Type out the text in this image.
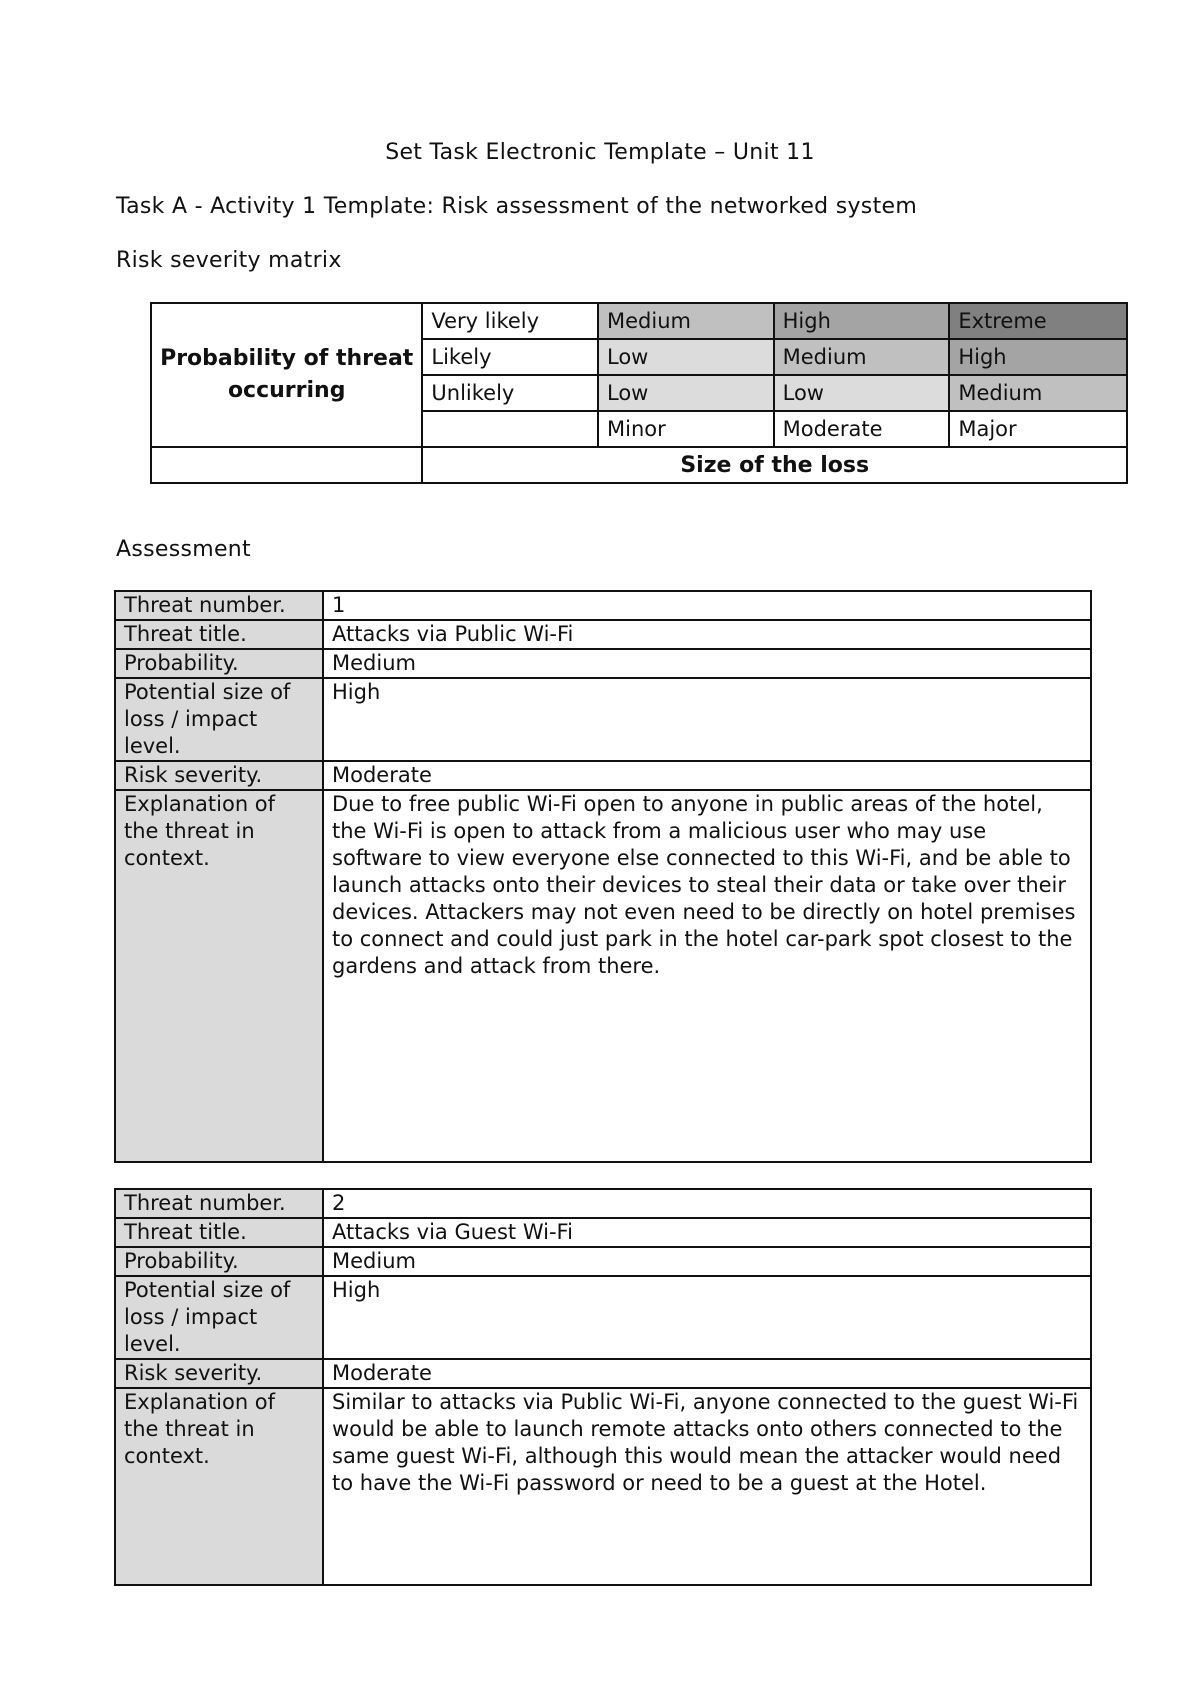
Set Task Electronic Template – Unit 11
Task A - Activity 1 Template: Risk assessment of the networked system
Risk severity matrix
Probability of threat occurring	Very likely	Medium	High	Extreme
	Likely	Low	Medium	High
	Unlikely	Low	Low	Medium
		Minor	Moderate	Major
	Size of the loss			
Assessment
Threat number.	1
Threat title.	Attacks via Public Wi-Fi
Probability.	Medium
Potential size of loss / impact level.	High
Risk severity.	Moderate
Explanation of the threat in context.	Due to free public Wi-Fi open to anyone in public areas of the hotel, the Wi-Fi is open to attack from a malicious user who may use software to view everyone else connected to this Wi-Fi, and be able to launch attacks onto their devices to steal their data or take over their devices. Attackers may not even need to be directly on hotel premises to connect and could just park in the hotel car-park spot closest to the gardens and attack from there.
Threat number.	2
Threat title.	Attacks via Guest Wi-Fi
Probability.	Medium
Potential size of loss / impact level.	High
Risk severity.	Moderate
Explanation of the threat in context.	Similar to attacks via Public Wi-Fi, anyone connected to the guest Wi-Fi would be able to launch remote attacks onto others connected to the same guest Wi-Fi, although this would mean the attacker would need to have the Wi-Fi password or need to be a guest at the Hotel.
